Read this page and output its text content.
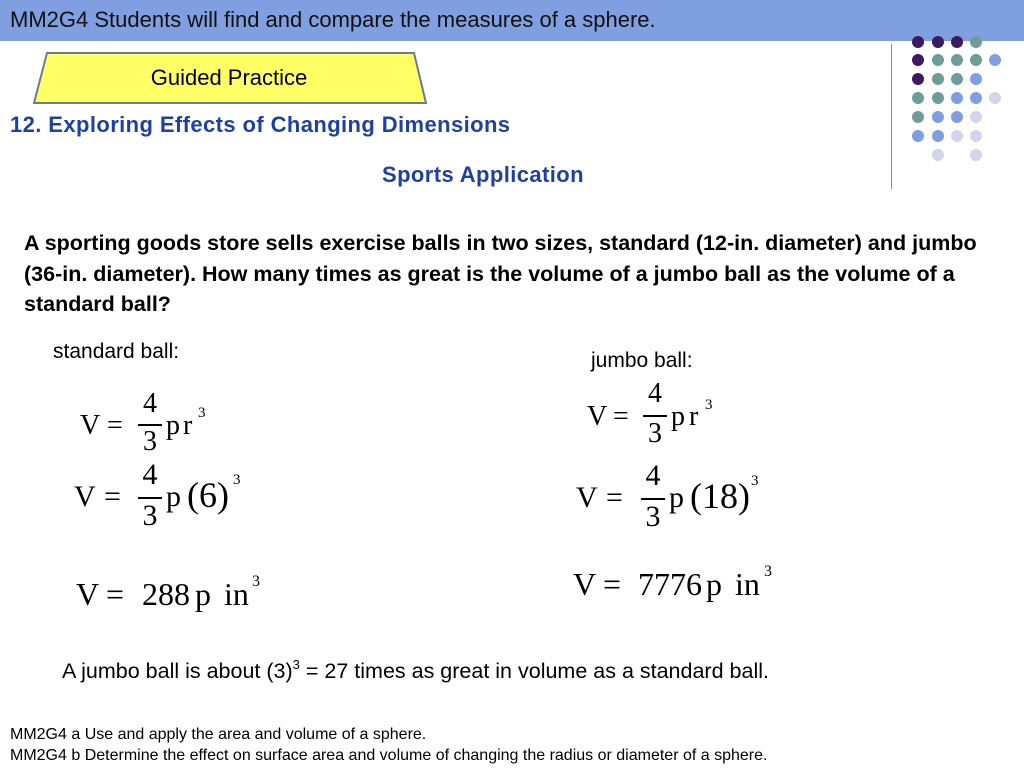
MM2G4 Students will find and compare the measures of a sphere.
Guided Practice
12. Exploring Effects of Changing Dimensions
Sports Application
A sporting goods store sells exercise balls in two sizes, standard (12-in. diameter) and jumbo (36-in. diameter). How many times as great is the volume of a jumbo ball as the volume of a standard ball?
standard ball:
V =
4
3
p r 3
V =
4
3
p (6) 3
V = 288 p in 3
jumbo ball:
V =
4
3
p r 3
V =
4
3
p (18) 3
V = 7776 p in 3
A jumbo ball is about $(3)^3 = 27$ times as great in volume as a standard ball.
MM2G4 a Use and apply the area and volume of a sphere.
MM2G4 b Determine the effect on surface area and volume of changing the radius or diameter of a sphere.
